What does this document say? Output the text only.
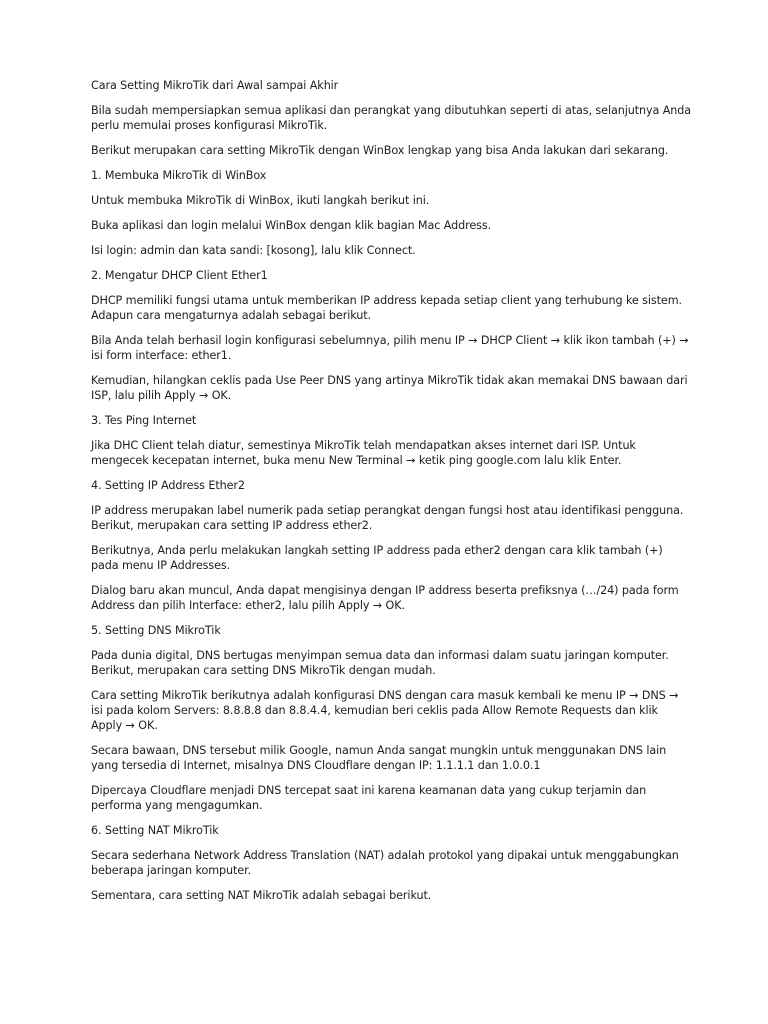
Cara Setting MikroTik dari Awal sampai Akhir

Bila sudah mempersiapkan semua aplikasi dan perangkat yang dibutuhkan seperti di atas, selanjutnya Anda perlu memulai proses konfigurasi MikroTik.

Berikut merupakan cara setting MikroTik dengan WinBox lengkap yang bisa Anda lakukan dari sekarang.

1. Membuka MikroTik di WinBox

Untuk membuka MikroTik di WinBox, ikuti langkah berikut ini.

Buka aplikasi dan login melalui WinBox dengan klik bagian Mac Address.

Isi login: admin dan kata sandi: [kosong], lalu klik Connect.

2. Mengatur DHCP Client Ether1

DHCP memiliki fungsi utama untuk memberikan IP address kepada setiap client yang terhubung ke sistem. Adapun cara mengaturnya adalah sebagai berikut.

Bila Anda telah berhasil login konfigurasi sebelumnya, pilih menu IP → DHCP Client → klik ikon tambah (+) → isi form interface: ether1.

Kemudian, hilangkan ceklis pada Use Peer DNS yang artinya MikroTik tidak akan memakai DNS bawaan dari ISP, lalu pilih Apply → OK.

3. Tes Ping Internet

Jika DHC Client telah diatur, semestinya MikroTik telah mendapatkan akses internet dari ISP. Untuk mengecek kecepatan internet, buka menu New Terminal → ketik ping google.com lalu klik Enter.

4. Setting IP Address Ether2

IP address merupakan label numerik pada setiap perangkat dengan fungsi host atau identifikasi pengguna. Berikut, merupakan cara setting IP address ether2.

Berikutnya, Anda perlu melakukan langkah setting IP address pada ether2 dengan cara klik tambah (+) pada menu IP Addresses.

Dialog baru akan muncul, Anda dapat mengisinya dengan IP address beserta prefiksnya (…/24) pada form Address dan pilih Interface: ether2, lalu pilih Apply → OK.

5. Setting DNS MikroTik

Pada dunia digital, DNS bertugas menyimpan semua data dan informasi dalam suatu jaringan komputer. Berikut, merupakan cara setting DNS MikroTik dengan mudah.

Cara setting MikroTik berikutnya adalah konfigurasi DNS dengan cara masuk kembali ke menu IP → DNS → isi pada kolom Servers: 8.8.8.8 dan 8.8.4.4, kemudian beri ceklis pada Allow Remote Requests dan klik Apply → OK.

Secara bawaan, DNS tersebut milik Google, namun Anda sangat mungkin untuk menggunakan DNS lain yang tersedia di Internet, misalnya DNS Cloudflare dengan IP: 1.1.1.1 dan 1.0.0.1

Dipercaya Cloudflare menjadi DNS tercepat saat ini karena keamanan data yang cukup terjamin dan performa yang mengagumkan.

6. Setting NAT MikroTik

Secara sederhana Network Address Translation (NAT) adalah protokol yang dipakai untuk menggabungkan beberapa jaringan komputer.

Sementara, cara setting NAT MikroTik adalah sebagai berikut.
